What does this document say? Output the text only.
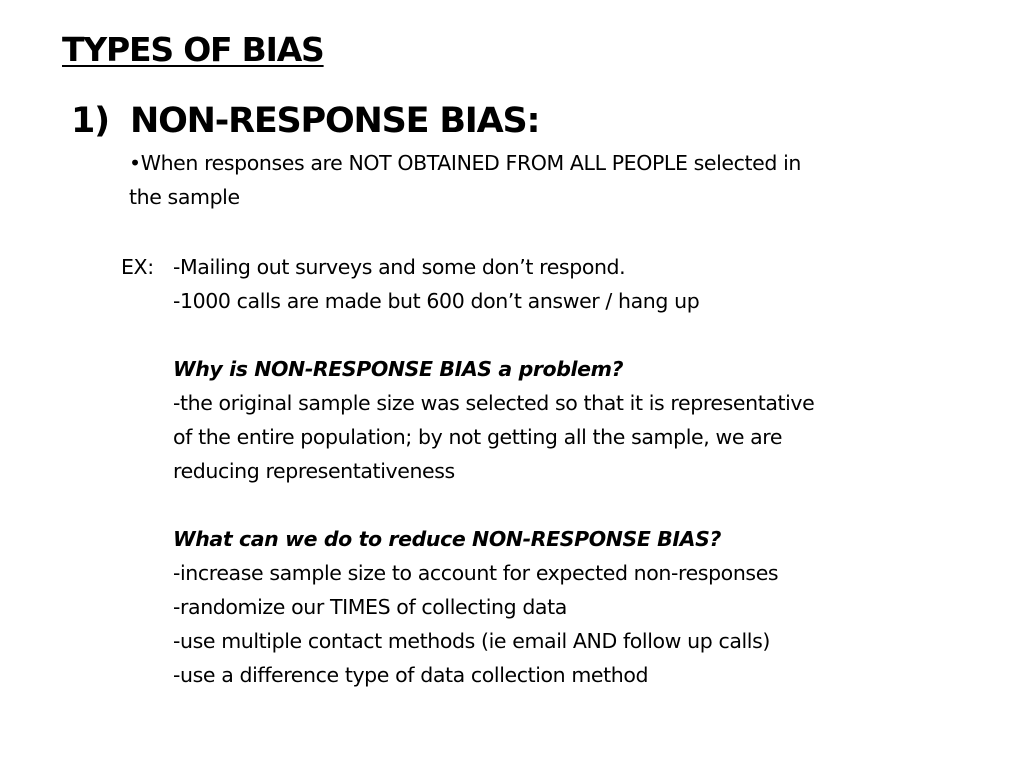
TYPES OF BIAS
1) NON-RESPONSE BIAS:
•When responses are NOT OBTAINED FROM ALL PEOPLE selected in
the sample
EX: -Mailing out surveys and some don’t respond.
-1000 calls are made but 600 don’t answer / hang up
Why is NON-RESPONSE BIAS a problem?
-the original sample size was selected so that it is representative
of the entire population; by not getting all the sample, we are
reducing representativeness
What can we do to reduce NON-RESPONSE BIAS?
-increase sample size to account for expected non-responses
-randomize our TIMES of collecting data
-use multiple contact methods (ie email AND follow up calls)
-use a difference type of data collection method
